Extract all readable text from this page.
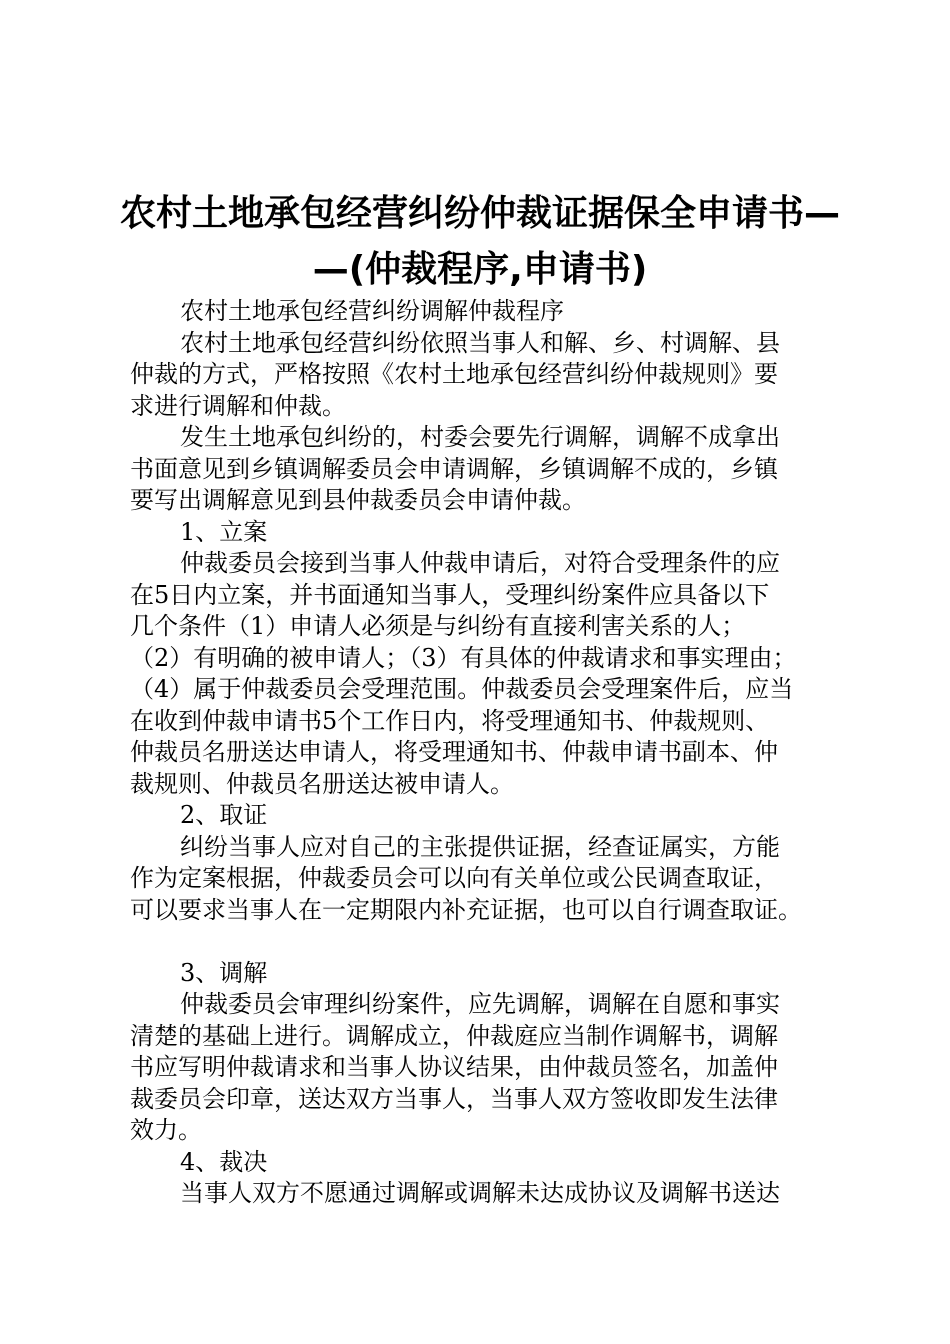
农村土地承包经营纠纷仲裁证据保全申请书—
—(仲裁程序,申请书)
农村土地承包经营纠纷调解仲裁程序
农村土地承包经营纠纷依照当事人和解、乡、村调解、县
仲裁的方式，严格按照《农村土地承包经营纠纷仲裁规则》要
求进行调解和仲裁。
发生土地承包纠纷的，村委会要先行调解，调解不成拿出
书面意见到乡镇调解委员会申请调解，乡镇调解不成的，乡镇
要写出调解意见到县仲裁委员会申请仲裁。
1、立案
仲裁委员会接到当事人仲裁申请后，对符合受理条件的应
在5日内立案，并书面通知当事人，受理纠纷案件应具备以下
几个条件（1）申请人必须是与纠纷有直接利害关系的人；
（2）有明确的被申请人；（3）有具体的仲裁请求和事实理由；
（4）属于仲裁委员会受理范围。仲裁委员会受理案件后，应当
在收到仲裁申请书5个工作日内，将受理通知书、仲裁规则、
仲裁员名册送达申请人，将受理通知书、仲裁申请书副本、仲
裁规则、仲裁员名册送达被申请人。
2、取证
纠纷当事人应对自己的主张提供证据，经查证属实，方能
作为定案根据，仲裁委员会可以向有关单位或公民调查取证，
可以要求当事人在一定期限内补充证据，也可以自行调查取证。
3、调解
仲裁委员会审理纠纷案件，应先调解，调解在自愿和事实
清楚的基础上进行。调解成立，仲裁庭应当制作调解书，调解
书应写明仲裁请求和当事人协议结果，由仲裁员签名，加盖仲
裁委员会印章，送达双方当事人，当事人双方签收即发生法律
效力。
4、裁决
当事人双方不愿通过调解或调解未达成协议及调解书送达
